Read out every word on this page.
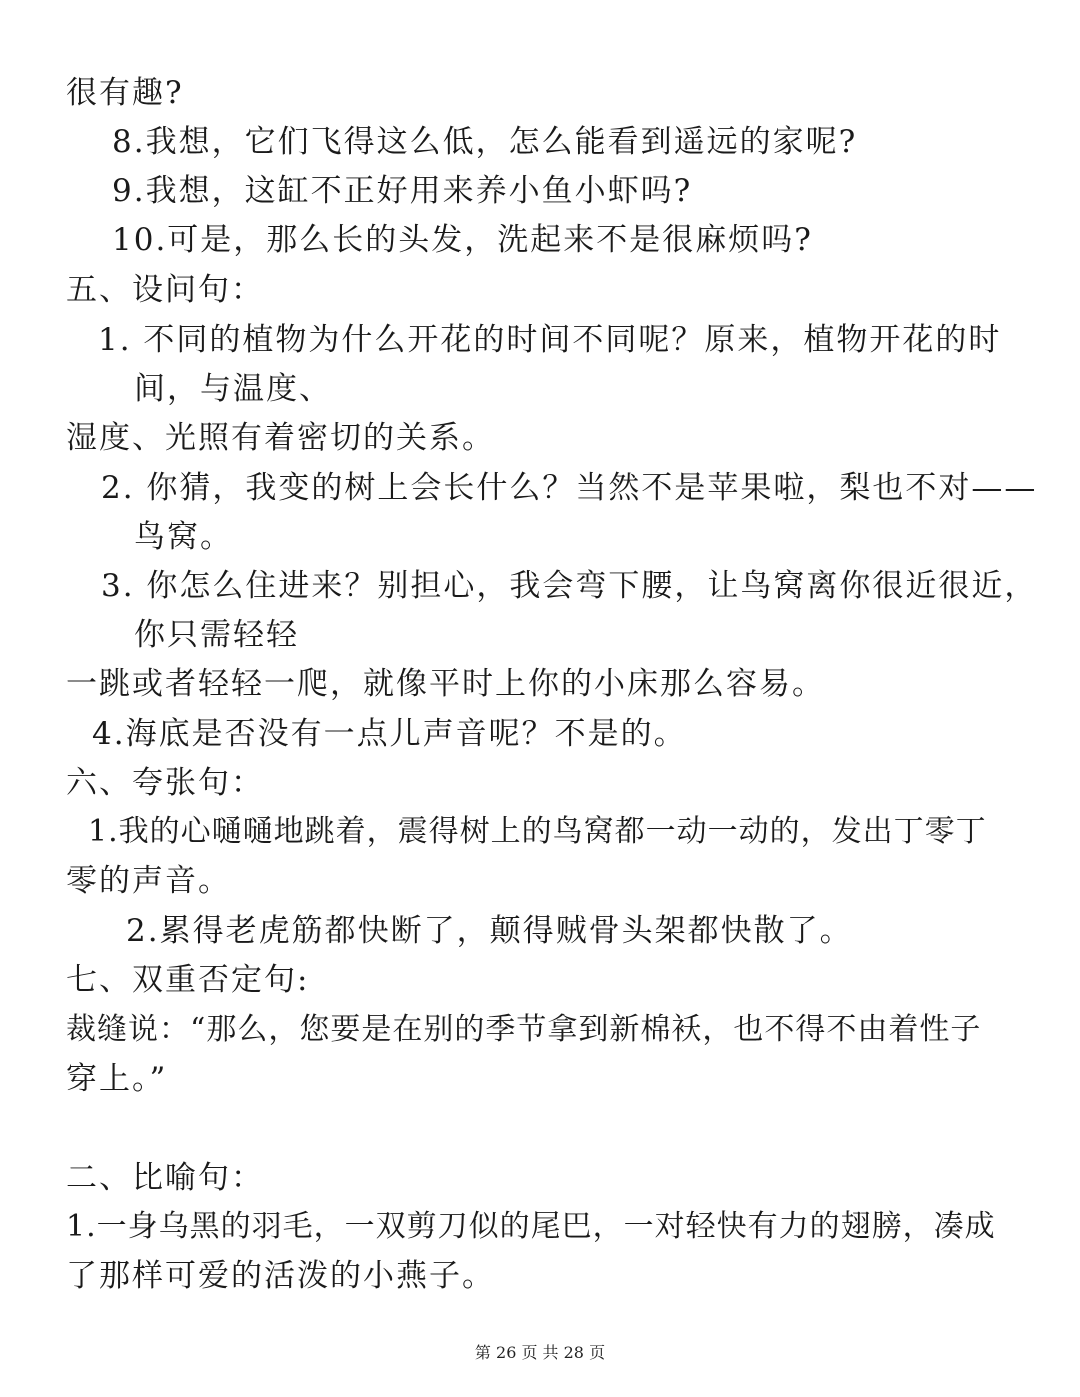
很有趣?
8.我想，它们飞得这么低，怎么能看到遥远的家呢?
9.我想，这缸不正好用来养小鱼小虾吗?
10.可是，那么长的头发，洗起来不是很麻烦吗?
五、设问句：
1. 不同的植物为什么开花的时间不同呢？原来，植物开花的时
间，与温度、
湿度、光照有着密切的关系。
2. 你猜，我变的树上会长什么？当然不是苹果啦，梨也不对——
鸟窝。
3. 你怎么住进来？别担心，我会弯下腰，让鸟窝离你很近很近，
你只需轻轻
一跳或者轻轻一爬，就像平时上你的小床那么容易。
4.海底是否没有一点儿声音呢？不是的。
六、夸张句：
1.我的心嗵嗵地跳着，震得树上的鸟窝都一动一动的，发出丁零丁
零的声音。
2.累得老虎筋都快断了，颠得贼骨头架都快散了。
七、双重否定句:
裁缝说：“那么，您要是在别的季节拿到新棉袄，也不得不由着性子
穿上。”
二、比喻句：
1.一身乌黑的羽毛，一双剪刀似的尾巴，一对轻快有力的翅膀，凑成
了那样可爱的活泼的小燕子。
第 26 页 共 28 页
